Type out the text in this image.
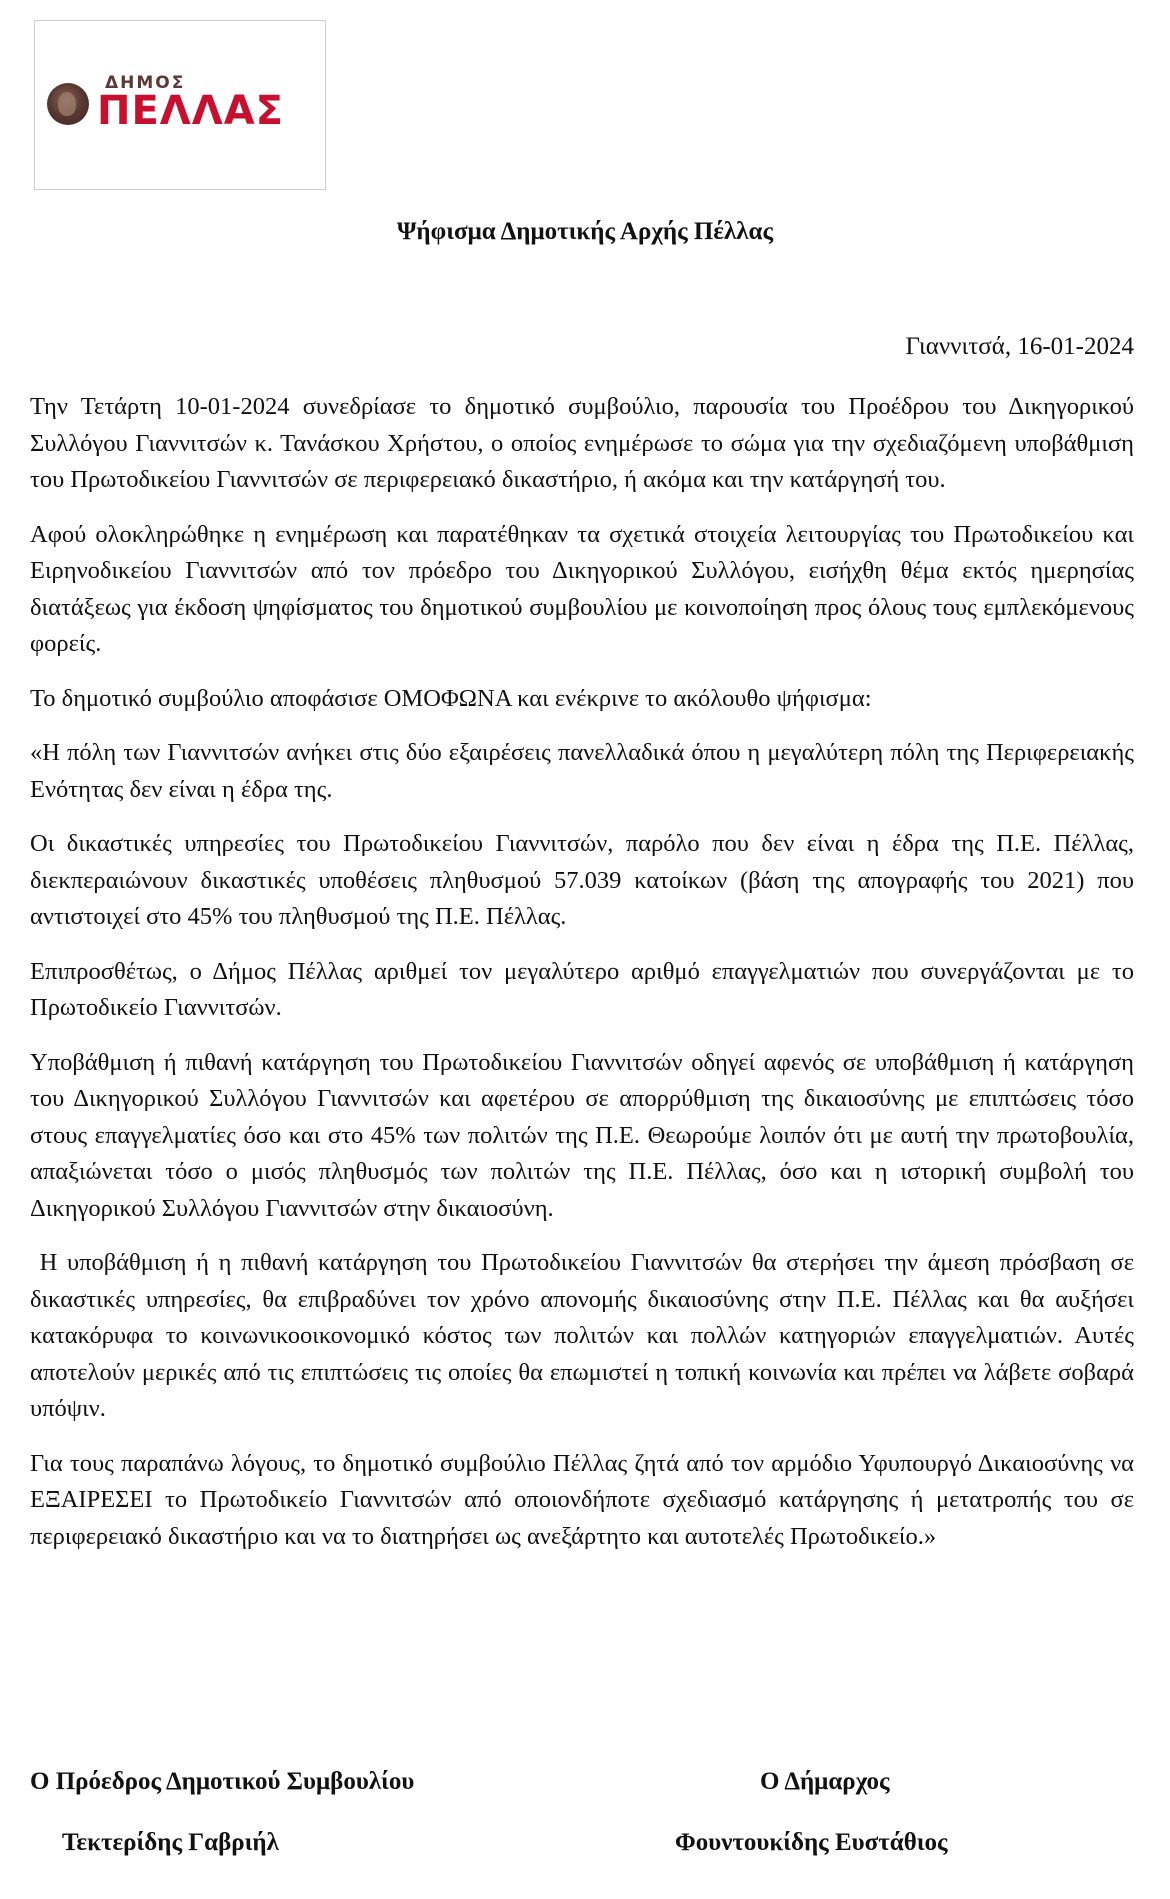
ΔΗΜΟΣ
ΠΕΛΛΑΣ
Ψήφισμα Δημοτικής Αρχής Πέλλας
Γιαννιτσά, 16-01-2024

Την Τετάρτη 10-01-2024 συνεδρίασε το δημοτικό συμβούλιο, παρουσία του Προέδρου του Δικηγορικού Συλλόγου Γιαννιτσών κ. Τανάσκου Χρήστου, ο οποίος ενημέρωσε το σώμα για την σχεδιαζόμενη υποβάθμιση του Πρωτοδικείου Γιαννιτσών σε περιφερειακό δικαστήριο, ή ακόμα και την κατάργησή του.

Αφού ολοκληρώθηκε η ενημέρωση και παρατέθηκαν τα σχετικά στοιχεία λειτουργίας του Πρωτοδικείου και Ειρηνοδικείου Γιαννιτσών από τον πρόεδρο του Δικηγορικού Συλλόγου, εισήχθη θέμα εκτός ημερησίας διατάξεως για έκδοση ψηφίσματος του δημοτικού συμβουλίου με κοινοποίηση προς όλους τους εμπλεκόμενους φορείς.

Το δημοτικό συμβούλιο αποφάσισε ΟΜΟΦΩΝΑ και ενέκρινε το ακόλουθο ψήφισμα:

«Η πόλη των Γιαννιτσών ανήκει στις δύο εξαιρέσεις πανελλαδικά όπου η μεγαλύτερη πόλη της Περιφερειακής Ενότητας δεν είναι η έδρα της.

Οι δικαστικές υπηρεσίες του Πρωτοδικείου Γιαννιτσών, παρόλο που δεν είναι η έδρα της Π.Ε. Πέλλας, διεκπεραιώνουν δικαστικές υποθέσεις πληθυσμού 57.039 κατοίκων (βάση της απογραφής του 2021) που αντιστοιχεί στο 45% του πληθυσμού της Π.Ε. Πέλλας.

Επιπροσθέτως, ο Δήμος Πέλλας αριθμεί τον μεγαλύτερο αριθμό επαγγελματιών που συνεργάζονται με το Πρωτοδικείο Γιαννιτσών.

Υποβάθμιση ή πιθανή κατάργηση του Πρωτοδικείου Γιαννιτσών οδηγεί αφενός σε υποβάθμιση ή κατάργηση του Δικηγορικού Συλλόγου Γιαννιτσών και αφετέρου σε απορρύθμιση της δικαιοσύνης με επιπτώσεις τόσο στους επαγγελματίες όσο και στο 45% των πολιτών της Π.Ε. Θεωρούμε λοιπόν ότι με αυτή την πρωτοβουλία, απαξιώνεται τόσο ο μισός πληθυσμός των πολιτών της Π.Ε. Πέλλας, όσο και η ιστορική συμβολή του Δικηγορικού Συλλόγου Γιαννιτσών στην δικαιοσύνη.

Η υποβάθμιση ή η πιθανή κατάργηση του Πρωτοδικείου Γιαννιτσών θα στερήσει την άμεση πρόσβαση σε δικαστικές υπηρεσίες, θα επιβραδύνει τον χρόνο απονομής δικαιοσύνης στην Π.Ε. Πέλλας και θα αυξήσει κατακόρυφα το κοινωνικοοικονομικό κόστος των πολιτών και πολλών κατηγοριών επαγγελματιών. Αυτές αποτελούν μερικές από τις επιπτώσεις τις οποίες θα επωμιστεί η τοπική κοινωνία και πρέπει να λάβετε σοβαρά υπόψιν.

Για τους παραπάνω λόγους, το δημοτικό συμβούλιο Πέλλας ζητά από τον αρμόδιο Υφυπουργό Δικαιοσύνης να ΕΞΑΙΡΕΣΕΙ το Πρωτοδικείο Γιαννιτσών από οποιονδήποτε σχεδιασμό κατάργησης ή μετατροπής του σε περιφερειακό δικαστήριο και να το διατηρήσει ως ανεξάρτητο και αυτοτελές Πρωτοδικείο.»

Ο Πρόεδρος Δημοτικού Συμβουλίου
Τεκτερίδης Γαβριήλ
Ο Δήμαρχος
Φουντουκίδης Ευστάθιος
